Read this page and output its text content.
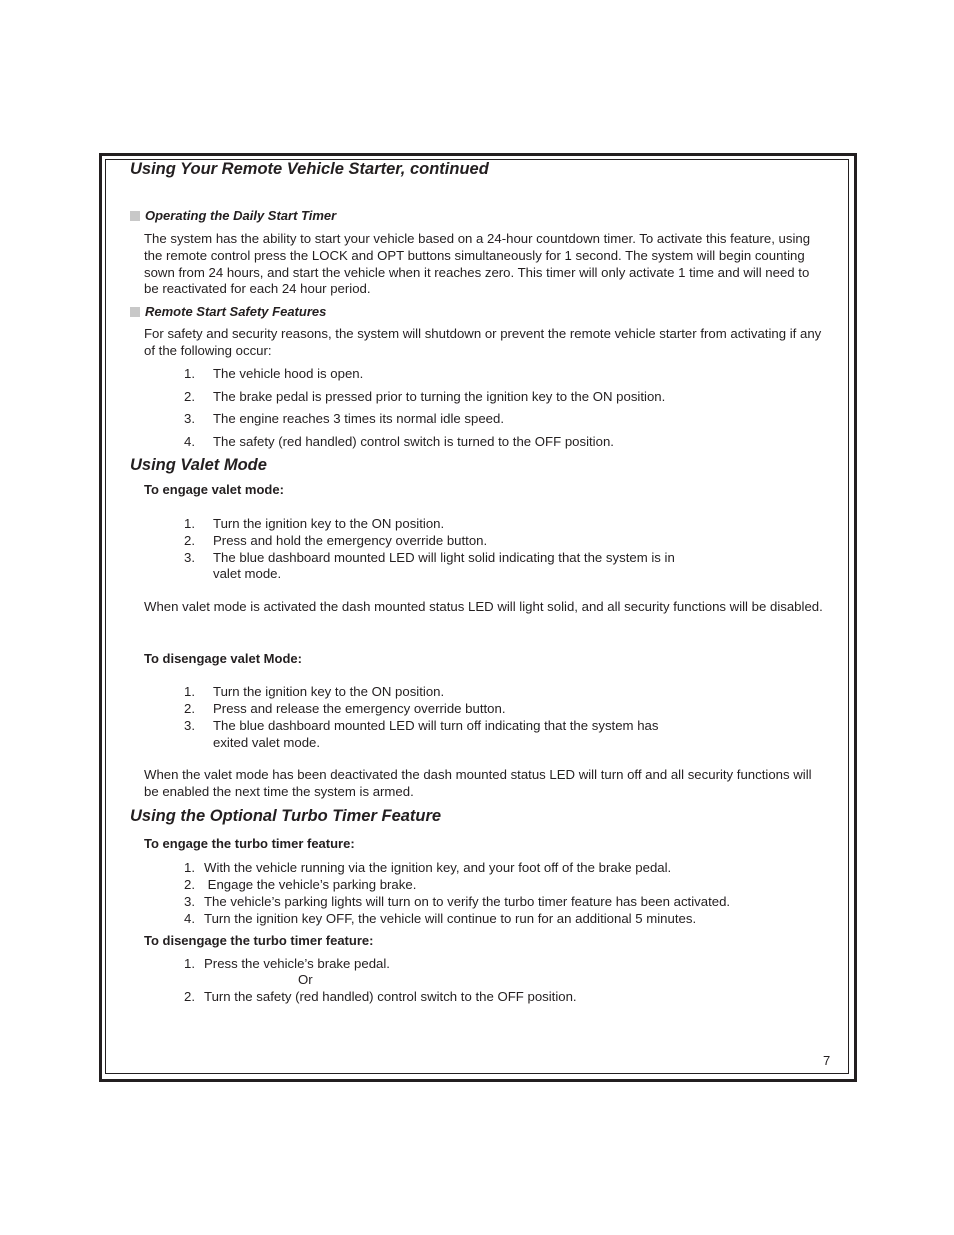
Using Your Remote Vehicle Starter, continued
Operating the Daily Start Timer
The system has the ability to start your vehicle based on a 24-hour countdown timer. To activate this feature, using the remote control press the LOCK and OPT buttons simultaneously for 1 second. The system will begin counting sown from 24 hours, and start the vehicle when it reaches zero. This timer will only activate 1 time and will need to be reactivated for each 24 hour period.
Remote Start Safety Features
For safety and security reasons, the system will shutdown or prevent the remote vehicle starter from activating if any of the following occur:
1. The vehicle hood is open.
2. The brake pedal is pressed prior to turning the ignition key to the ON position.
3. The engine reaches 3 times its normal idle speed.
4. The safety (red handled) control switch is turned to the OFF position.
Using Valet Mode
To engage valet mode:
1. Turn the ignition key to the ON position.
2. Press and hold the emergency override button.
3. The blue dashboard mounted LED will light solid indicating that the system is in
valet mode.
When valet mode is activated the dash mounted status LED will light solid, and all security functions will be disabled.
To disengage valet Mode:
1. Turn the ignition key to the ON position.
2. Press and release the emergency override button.
3. The blue dashboard mounted LED will turn off indicating that the system has
exited valet mode.
When the valet mode has been deactivated the dash mounted status LED will turn off and all security functions will be enabled the next time the system is armed.
Using the Optional Turbo Timer Feature
To engage the turbo timer feature:
1. With the vehicle running via the ignition key, and your foot off of the brake pedal.
2. Engage the vehicle’s parking brake.
3. The vehicle’s parking lights will turn on to verify the turbo timer feature has been activated.
4. Turn the ignition key OFF, the vehicle will continue to run for an additional 5 minutes.
To disengage the turbo timer feature:
1. Press the vehicle’s brake pedal.
Or
2. Turn the safety (red handled) control switch to the OFF position.
7
